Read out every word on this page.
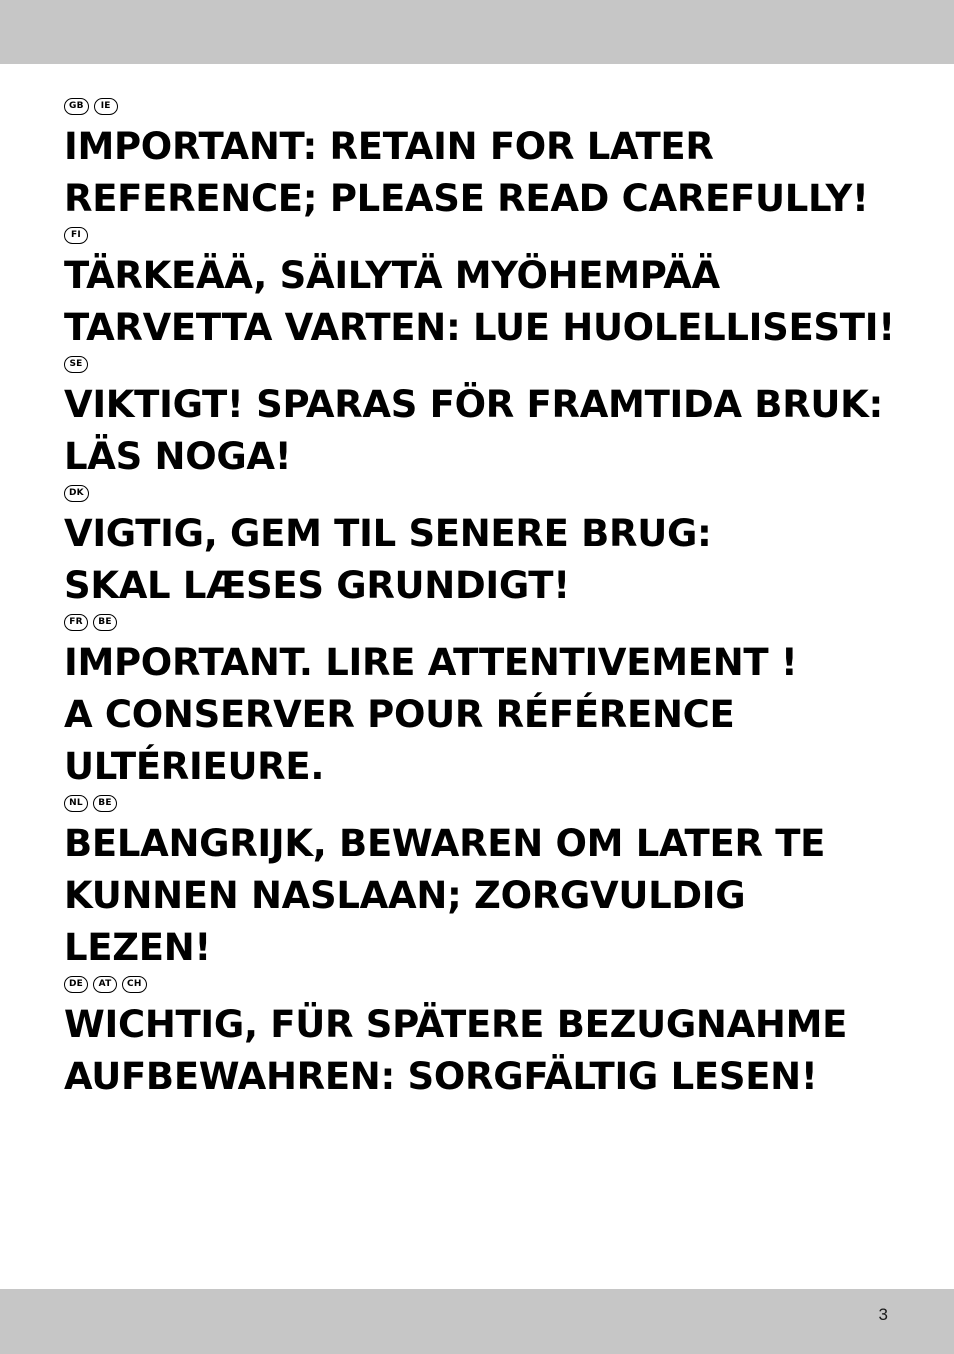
GB	IE
IMPORTANT: RETAIN FOR LATER
REFERENCE; PLEASE READ CAREFULLY!
FI
TÄRKEÄÄ, SÄILYTÄ MYÖHEMPÄÄ
TARVETTA VARTEN: LUE HUOLELLISESTI!
SE
VIKTIGT! SPARAS FÖR FRAMTIDA BRUK:
LÄS NOGA!
DK
VIGTIG, GEM TIL SENERE BRUG:
SKAL LÆSES GRUNDIGT!
FR	BE
IMPORTANT. LIRE ATTENTIVEMENT !
A CONSERVER POUR RÉFÉRENCE
ULTÉRIEURE.
NL	BE
BELANGRIJK, BEWAREN OM LATER TE
KUNNEN NASLAAN; ZORGVULDIG
LEZEN!
DE	AT	CH
WICHTIG, FÜR SPÄTERE BEZUGNAHME
AUFBEWAHREN: SORGFÄLTIG LESEN!
3
